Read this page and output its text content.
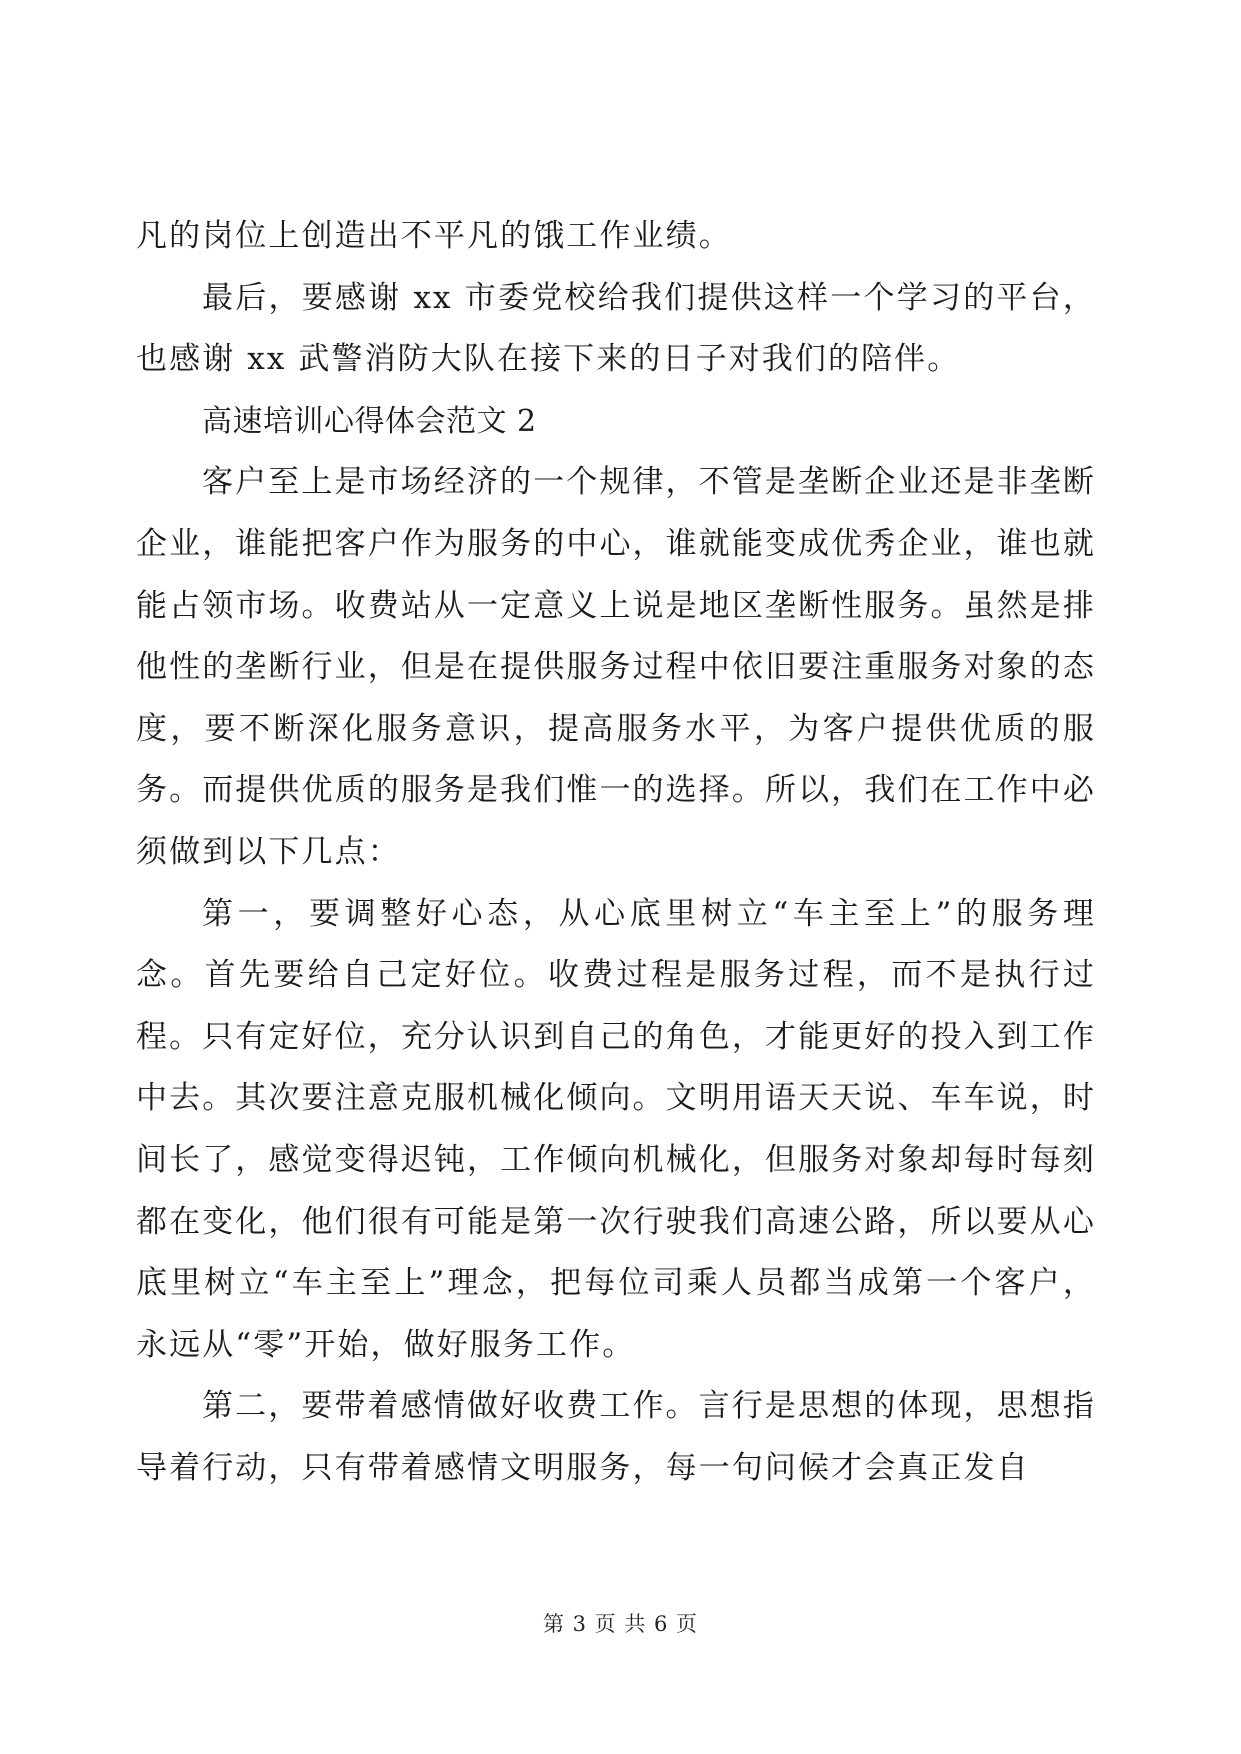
凡的岗位上创造出不平凡的饿工作业绩。

最后，要感谢 xx 市委党校给我们提供这样一个学习的平台，也感谢 xx 武警消防大队在接下来的日子对我们的陪伴。

高速培训心得体会范文 2

客户至上是市场经济的一个规律，不管是垄断企业还是非垄断企业，谁能把客户作为服务的中心，谁就能变成优秀企业，谁也就能占领市场。收费站从一定意义上说是地区垄断性服务。虽然是排他性的垄断行业，但是在提供服务过程中依旧要注重服务对象的态度，要不断深化服务意识，提高服务水平，为客户提供优质的服务。而提供优质的服务是我们惟一的选择。所以，我们在工作中必须做到以下几点：

第一，要调整好心态，从心底里树立“车主至上”的服务理念。首先要给自己定好位。收费过程是服务过程，而不是执行过程。只有定好位，充分认识到自己的角色，才能更好的投入到工作中去。其次要注意克服机械化倾向。文明用语天天说、车车说，时间长了，感觉变得迟钝，工作倾向机械化，但服务对象却每时每刻都在变化，他们很有可能是第一次行驶我们高速公路，所以要从心底里树立“车主至上”理念，把每位司乘人员都当成第一个客户，永远从“零”开始，做好服务工作。

第二，要带着感情做好收费工作。言行是思想的体现，思想指导着行动，只有带着感情文明服务，每一句问候才会真正发自

第 3 页 共 6 页
